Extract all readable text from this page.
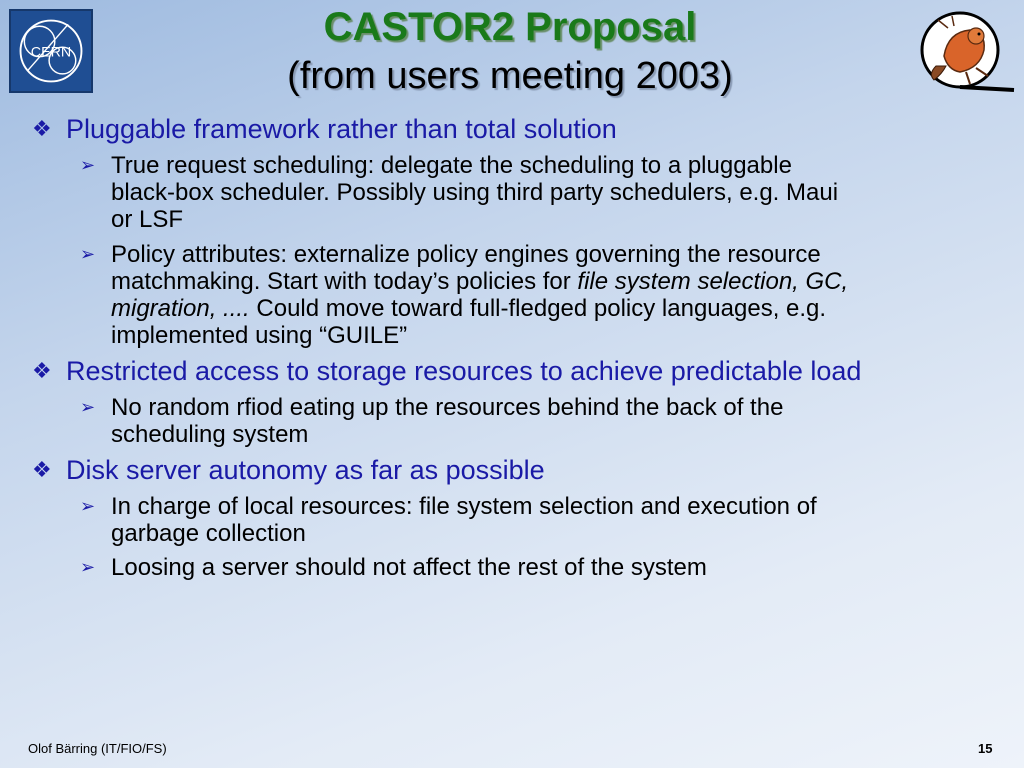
CERN
CASTOR2 Proposal
(from users meeting 2003)
❖ Pluggable framework rather than total solution
➢ True request scheduling: delegate the scheduling to a pluggable
black-box scheduler. Possibly using third party schedulers, e.g. Maui
or LSF
➢ Policy attributes: externalize policy engines governing the resource
matchmaking. Start with today’s policies for file system selection, GC,
migration, .... Could move toward full-fledged policy languages, e.g.
implemented using “GUILE”
❖ Restricted access to storage resources to achieve predictable load
➢ No random rfiod eating up the resources behind the back of the
scheduling system
❖ Disk server autonomy as far as possible
➢ In charge of local resources: file system selection and execution of
garbage collection
➢ Loosing a server should not affect the rest of the system
Olof Bärring (IT/FIO/FS)	15
